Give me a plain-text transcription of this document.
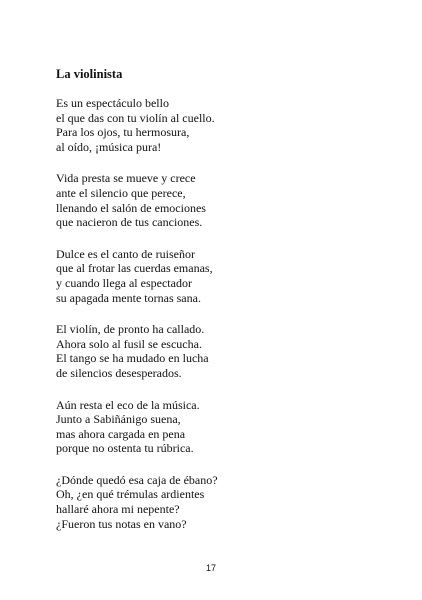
La violinista
Es un espectáculo bello
el que das con tu violín al cuello.
Para los ojos, tu hermosura,
al oído, ¡música pura!
Vida presta se mueve y crece
ante el silencio que perece,
llenando el salón de emociones
que nacieron de tus canciones.
Dulce es el canto de ruiseñor
que al frotar las cuerdas emanas,
y cuando llega al espectador
su apagada mente tornas sana.
El violín, de pronto ha callado.
Ahora solo al fusil se escucha.
El tango se ha mudado en lucha
de silencios desesperados.
Aún resta el eco de la música.
Junto a Sabiñánigo suena,
mas ahora cargada en pena
porque no ostenta tu rúbrica.
¿Dónde quedó esa caja de ébano?
Oh, ¿en qué trémulas ardientes
hallaré ahora mi nepente?
¿Fueron tus notas en vano?
17
